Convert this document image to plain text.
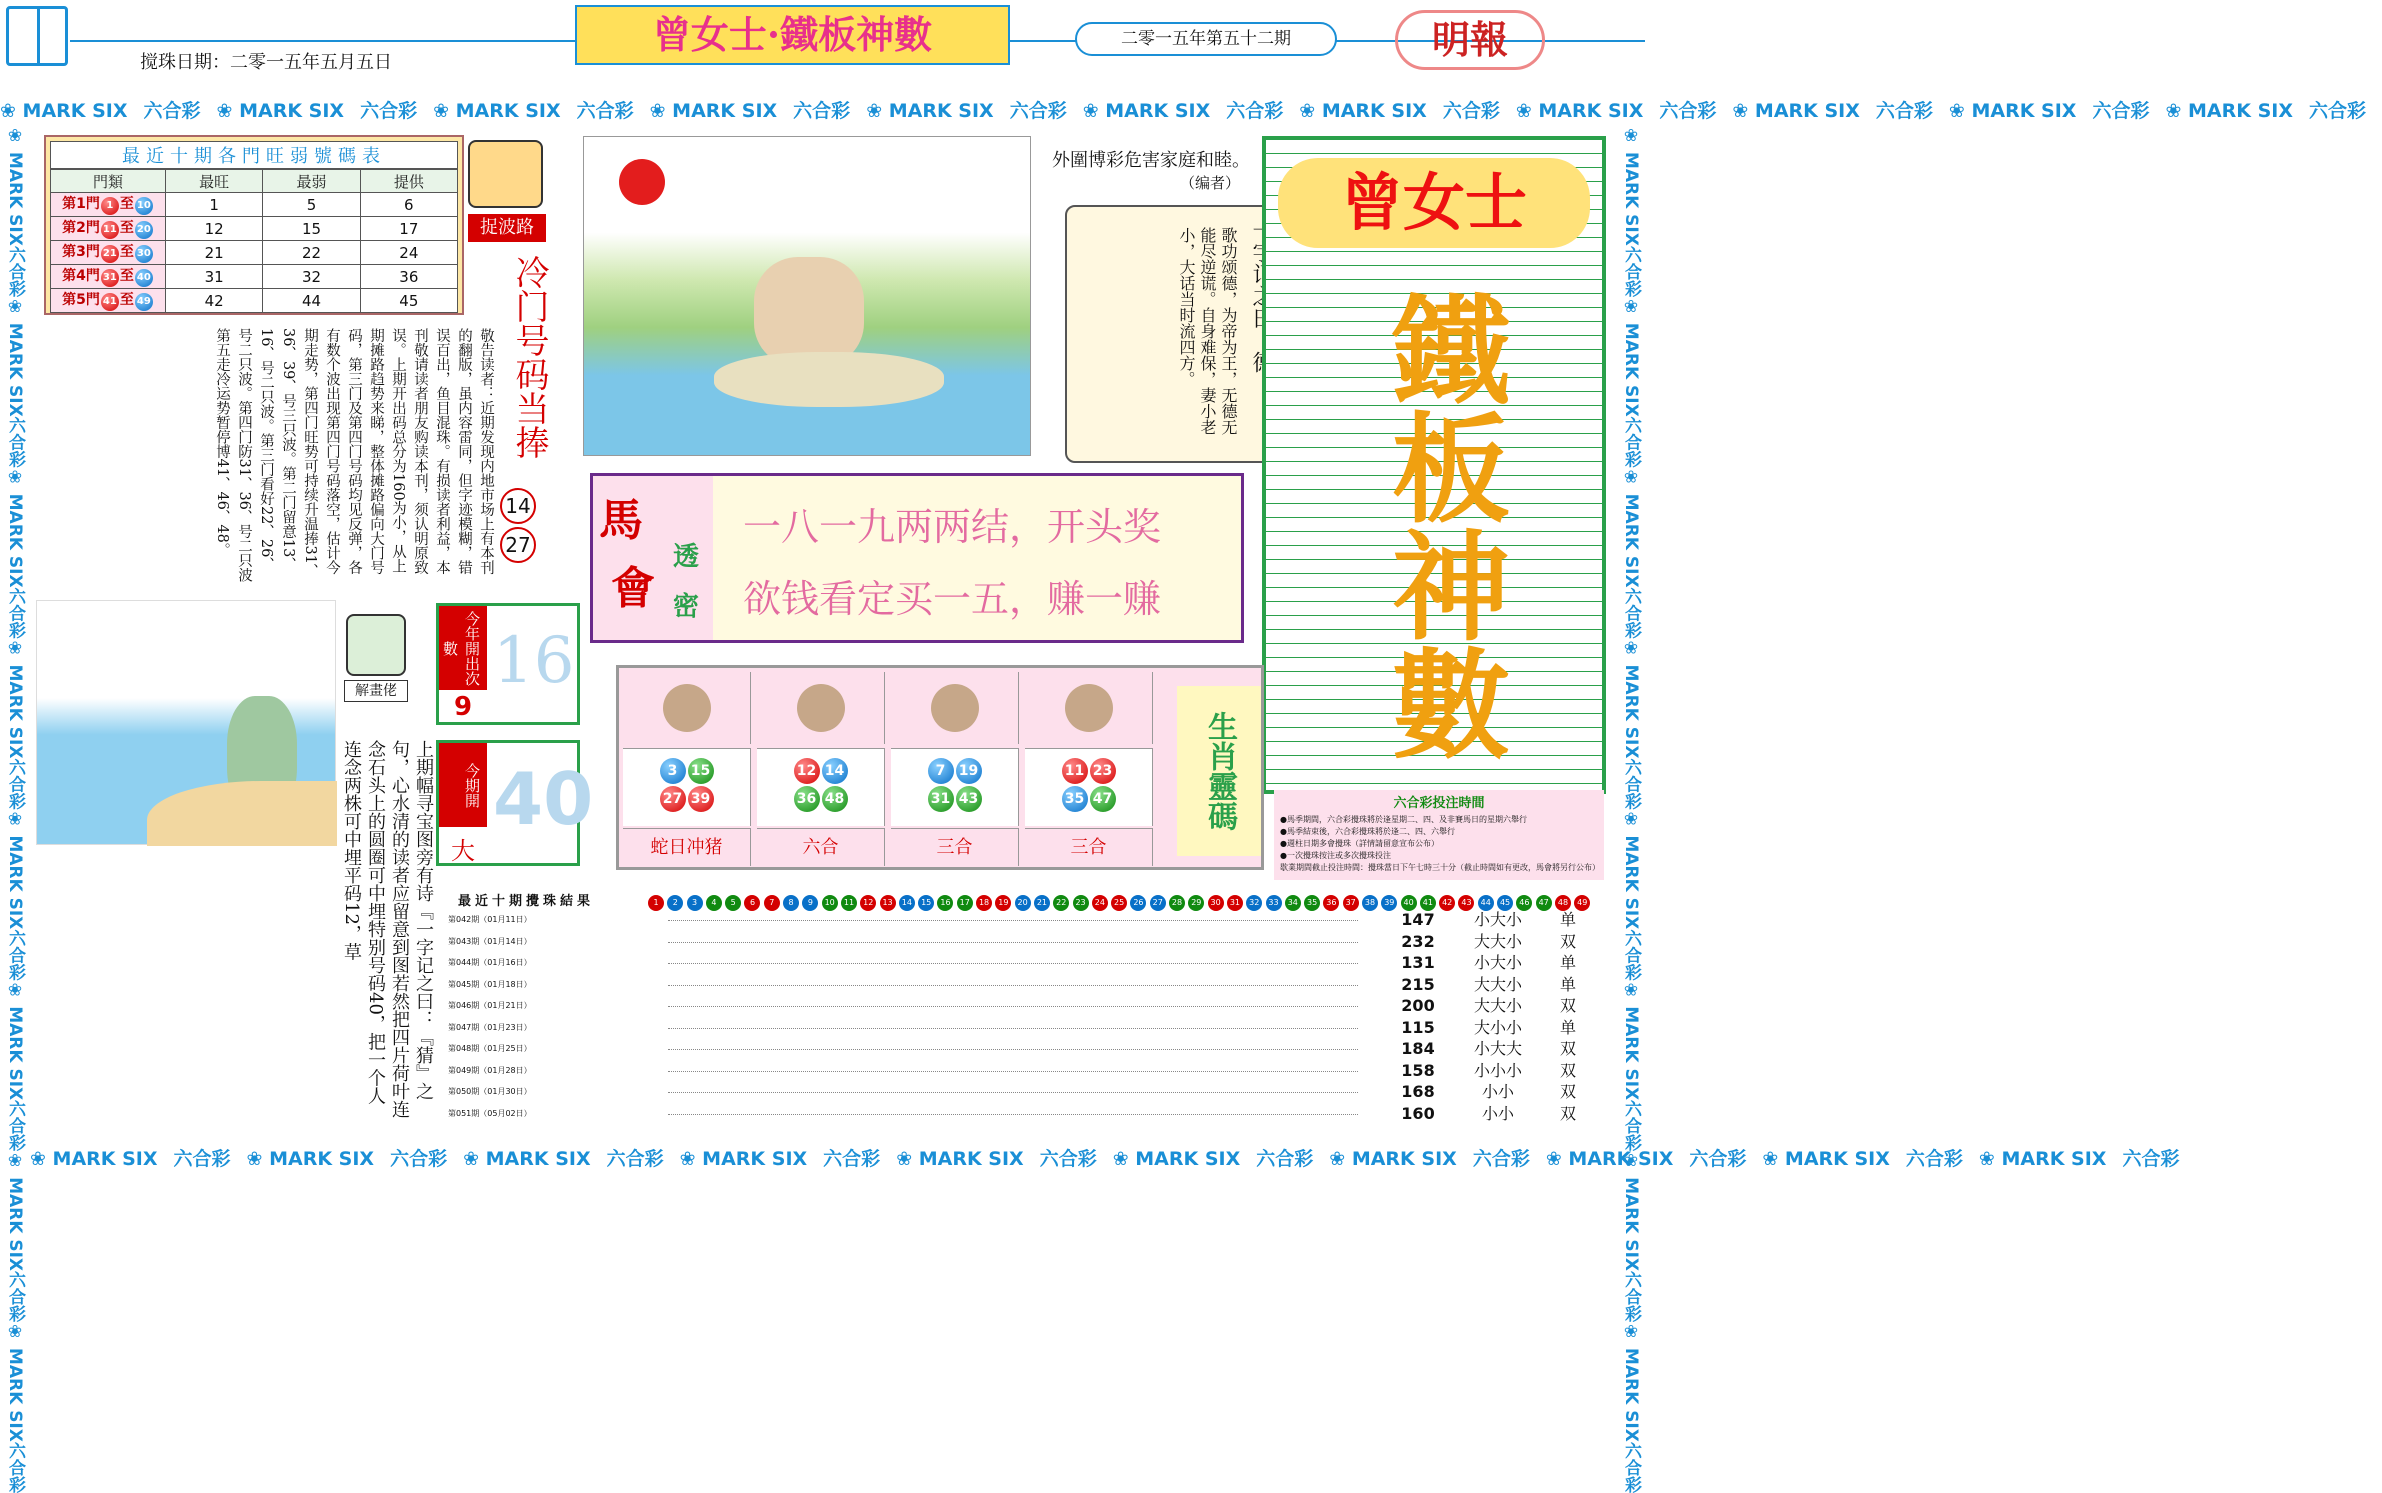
搅珠日期：二零一五年五月五日
曾女士·鐵板神數	二零一五年第五十二期	明報
❀ MARK SIX 六合彩 ❀ MARK SIX 六合彩 ❀ MARK SIX 六合彩 ❀ MARK SIX 六合彩 ❀ MARK SIX 六合彩 ❀ MARK SIX 六合彩 ❀ MARK SIX 六合彩 ❀ MARK SIX 六合彩 ❀ MARK SIX 六合彩 ❀ MARK SIX 六合彩 ❀ MARK SIX 六合彩
❀ MARK SIX 六合彩 ❀ MARK SIX 六合彩 ❀ MARK SIX 六合彩 ❀ MARK SIX 六合彩 ❀ MARK SIX 六合彩 ❀ MARK SIX 六合彩 ❀ MARK SIX 六合彩 ❀ MARK SIX 六合彩 ❀ MARK SIX 六合彩 ❀ MARK SIX 六合彩
❀ MARK SIX六合彩❀ MARK SIX六合彩❀ MARK SIX六合彩❀ MARK SIX六合彩❀ MARK SIX六合彩❀ MARK SIX六合彩❀ MARK SIX六合彩❀ MARK SIX六合彩
❀ MARK SIX六合彩❀ MARK SIX六合彩❀ MARK SIX六合彩❀ MARK SIX六合彩❀ MARK SIX六合彩❀ MARK SIX六合彩❀ MARK SIX六合彩❀ MARK SIX六合彩
最近十期各門旺弱號碼表
門類	最旺	最弱	提供
第1門 1 至 10	1	5	6
第2門 11 至 20	12	15	17
第3門 21 至 30	21	22	24
第4門 31 至 40	31	32	36
第5門 41 至 49	42	44	45
捉波路
冷门号码当捧
14
27
敬告读者：近期发现内地市场上有本刊的翻版，虽内容雷同，但字迹模糊，错误百出，鱼目混珠。有损读者利益，本刊敬请读者朋友购读本刊，须认明原致误。上期开出码总分为160为小，从上期摊路趋势来睇，整体摊路偏向大门号码，第三门及第四门号码均见反弹，各有数个波出现第四门号码落空，估计今期走势，第四门旺势可持续升温捧31、36、39、号三只波。第二门留意13、16、号二只波。第三门看好22、26、号二只波。第四门防31、36、号二只波第五走冷运势暂停博41、46、48。
外圍博彩危害家庭和睦。
（编者）
歌功颂德，为帝为王，无德无能尽逆谎。自身难保，妻小老小，大话当时流四方。
曾女士
鐵板神數
馬
會
透
密
一八一九两两结，开头奖
欲钱看定买一五，赚一赚
解畫佬
上期幅寻宝图旁有诗『一字记之曰：『猜』之句，心水清的读者应留意到图若然把四片荷叶连念石头上的圆圈可中埋特别号码40，把一个人连念两株可中埋平码12，草
今年開出次數
9
16
今期開
大
40	3 15
27 39
蛇日冲猪
12 14
36 48
六合
7 19
31 43
三合
11 23
35 47
三合
生肖靈碼	六合彩投注時間
●馬季期間，六合彩攪珠將於逢星期二、四、及非賽馬日的星期六舉行
●馬季結束後，六合彩攪珠將於逢二、四、六舉行
●週柱日期多會攪珠（詳情請留意宣布公布）
●一次攪珠按注或多次攪珠投注
歇業期間截止投注時間：攪珠當日下午七時三十分（截止時間如有更改，馬會將另行公布）
最近十期攪珠結果	1 2 3 4 5 6 7 8 9 10 11 12 13 14 15 16 17 18 19 20 21 22 23 24 25 26 27 28 29 30 31 32 33 34 35 36 37 38 39 40 41 42 43 44 45 46 47 48 49
第042期（01月11日）	147	小大小	单
第043期（01月14日）	232	大大小	双
第044期（01月16日）	131	小大小	单
第045期（01月18日）	215	大大小	单
第046期（01月21日）	200	大大小	双
第047期（01月23日）	115	大小小	单
第048期（01月25日）	184	小大大	双
第049期（01月28日）	158	小小小	双
第050期（01月30日）	168	小小	双
第051期（05月02日）	160	小小	双
